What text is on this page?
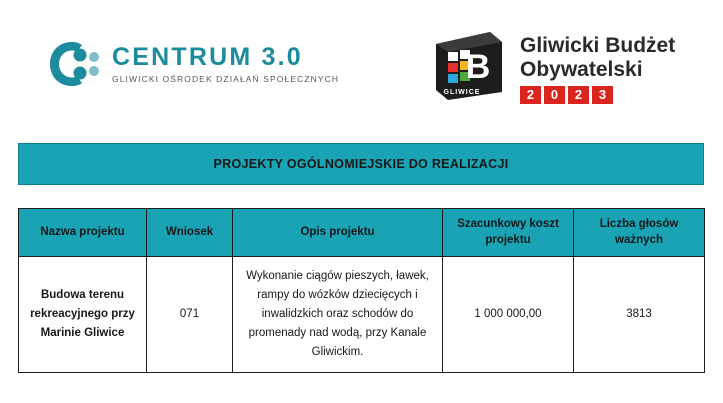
CENTRUM 3.0
GLIWICKI OŚRODEK DZIAŁAŃ SPOŁECZNYCH	B
GLIWICE
Gliwicki Budżet
Obywatelski
2	0	2	3
PROJEKTY OGÓLNOMIEJSKIE DO REALIZACJI
Nazwa projektu	Wniosek	Opis projektu	Szacunkowy koszt projektu	Liczba głosów ważnych
Budowa terenu rekreacyjnego przy Marinie Gliwice	071	Wykonanie ciągów pieszych, ławek, rampy do wózków dziecięcych i inwalidzkich oraz schodów do promenady nad wodą, przy Kanale Gliwickim.	1 000 000,00	3813
